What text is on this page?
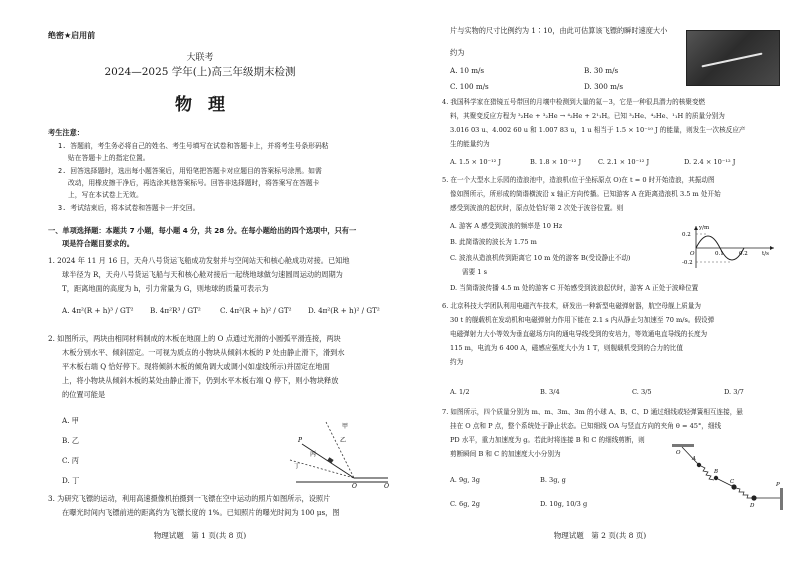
绝密★启用前
大联考
2024—2025 学年(上)高三年级期末检测
物理
考生注意：
1. 答题前，考生务必将自己的姓名、考生号填写在试卷和答题卡上，并将考生号条形码粘
贴在答题卡上的指定位置。
2. 回答选择题时，选出每小题答案后，用铅笔把答题卡对应题目的答案标号涂黑。如需
改动，用橡皮擦干净后，再选涂其他答案标号。回答非选择题时，将答案写在答题卡
上，写在本试卷上无效。
3. 考试结束后，将本试卷和答题卡一并交回。
一、单项选择题：本题共 7 小题，每小题 4 分，共 28 分。在每小题给出的四个选项中，只有一
项是符合题目要求的。
1. 2024 年 11 月 16 日，天舟八号货运飞船成功发射并与空间站天和核心舱成功对接。已知地
球半径为 R，天舟八号货运飞船与天和核心舱对接后一起绕地球做匀速圆周运动的周期为
T，距离地面的高度为 h，引力常量为 G，则地球的质量可表示为
A. 4π²(R + h)³ / GT² B. 4π²R³ / GT²	C. 4π²(R + h)² / GT² D. 4π²(R + h)² / GT²
2. 如图所示，两块由相同材料制成的木板在地面上的 O 点通过光滑的小圆弧平滑连接，两块
木板分别水平、倾斜固定。一可视为质点的小物块从倾斜木板的 P 处由静止滑下，滑到水
平木板右端 Q 恰好停下。现将倾斜木板的倾角调大或调小(如虚线所示)并固定在地面
上，将小物块从倾斜木板的某处由静止滑下，仍到水平木板右端 Q 停下，则小物块释放
的位置可能是
A. 甲
B. 乙
C. 丙
D. 丁
甲
乙
丙
丁
P
O	Q
3. 为研究飞镖的运动，利用高速摄像机拍摄到一飞镖在空中运动的照片如图所示，设照片
在曝光时间内飞镖前进的距离约为飞镖长度的 1%。已知照片的曝光时间为 100 μs，图
物理试题　第 1 页(共 8 页)
片与实物的尺寸比例约为 1∶10，由此可估算该飞镖的瞬时速度大小
约为
A. 10 m/s	B. 30 m/s
C. 100 m/s	D. 300 m/s
4. 我国科学家在猎镜五号带回的月壤中检测到大量的氦－3，它是一种很具潜力的核聚变燃
料，其聚变反应方程为 ³₂He + ³₂He → ⁴₂He + 2¹₁H。已知 ³₂He、⁴₂He、¹₁H 的质量分别为
3.016 03 u、4.002 60 u 和 1.007 83 u，1 u 相当于 1.5 × 10⁻¹⁰ J 的能量，则发生一次核反应产
生的能量约为
A. 1.5 × 10⁻¹² J	B. 1.8 × 10⁻¹² J	C. 2.1 × 10⁻¹² J	D. 2.4 × 10⁻¹² J
5. 在一个大型水上乐园的造浪池中，造浪机(位于坐标原点 O)在 t = 0 时开始造浪，其振动图
像如图所示，所形成的简谐横波沿 x 轴正方向传播。已知游客 A 在距离造浪机 3.5 m 处开始
感受到波浪的起伏时，原点处恰好第 2 次处于波谷位置。则
A. 游客 A 感受到波浪的频率是 10 Hz
B. 此简谐波的波长为 1.75 m
C. 波浪从造浪机传到距离它 10 m 处的游客 B(受设静止不动)
需要 1 s
D. 当简谐波传播 4.5 m 处的游客 C 开始感受到波浪起伏时，游客 A 正处于波峰位置
y/m
t/s
0.2
-0.2
0.1	0.2
O
6. 北京科技大学团队利用电磁汽车技术，研发出一种新型电磁弹射器，航空母舰上质量为
30 t 的舰载机在发动机和电磁弹射力作用下能在 2.1 s 内从静止匀加速至 70 m/s。假设弹
电磁弹射力大小等效为垂直磁场方向的通电导线受到的安培力，等效通电直导线的长度为
115 m，电流为 6 400 A，磁感应强度大小为 1 T，则舰载机受到的合力的比值
约为
A. 1/2	B. 3/4	C. 3/5	D. 3/7
7. 如图所示，四个质量分别为 m、m、3m、3m 的小球 A、B、C、D 通过细线或轻弹簧相互连接，悬
挂在 O 点和 P 点，整个系统处于静止状态。已知细线 OA 与竖直方向的夹角 θ = 45°，细线
PD 水平，重力加速度为 g。若此时将连接 B 和 C 的细线剪断，则
剪断瞬间 B 和 C 的加速度大小分别为
A. 9g, 3g	B. 3g, g
C. 6g, 2g	D. 10g, 10/3 g
O
A
B
C
D
P
物理试题　第 2 页(共 8 页)
